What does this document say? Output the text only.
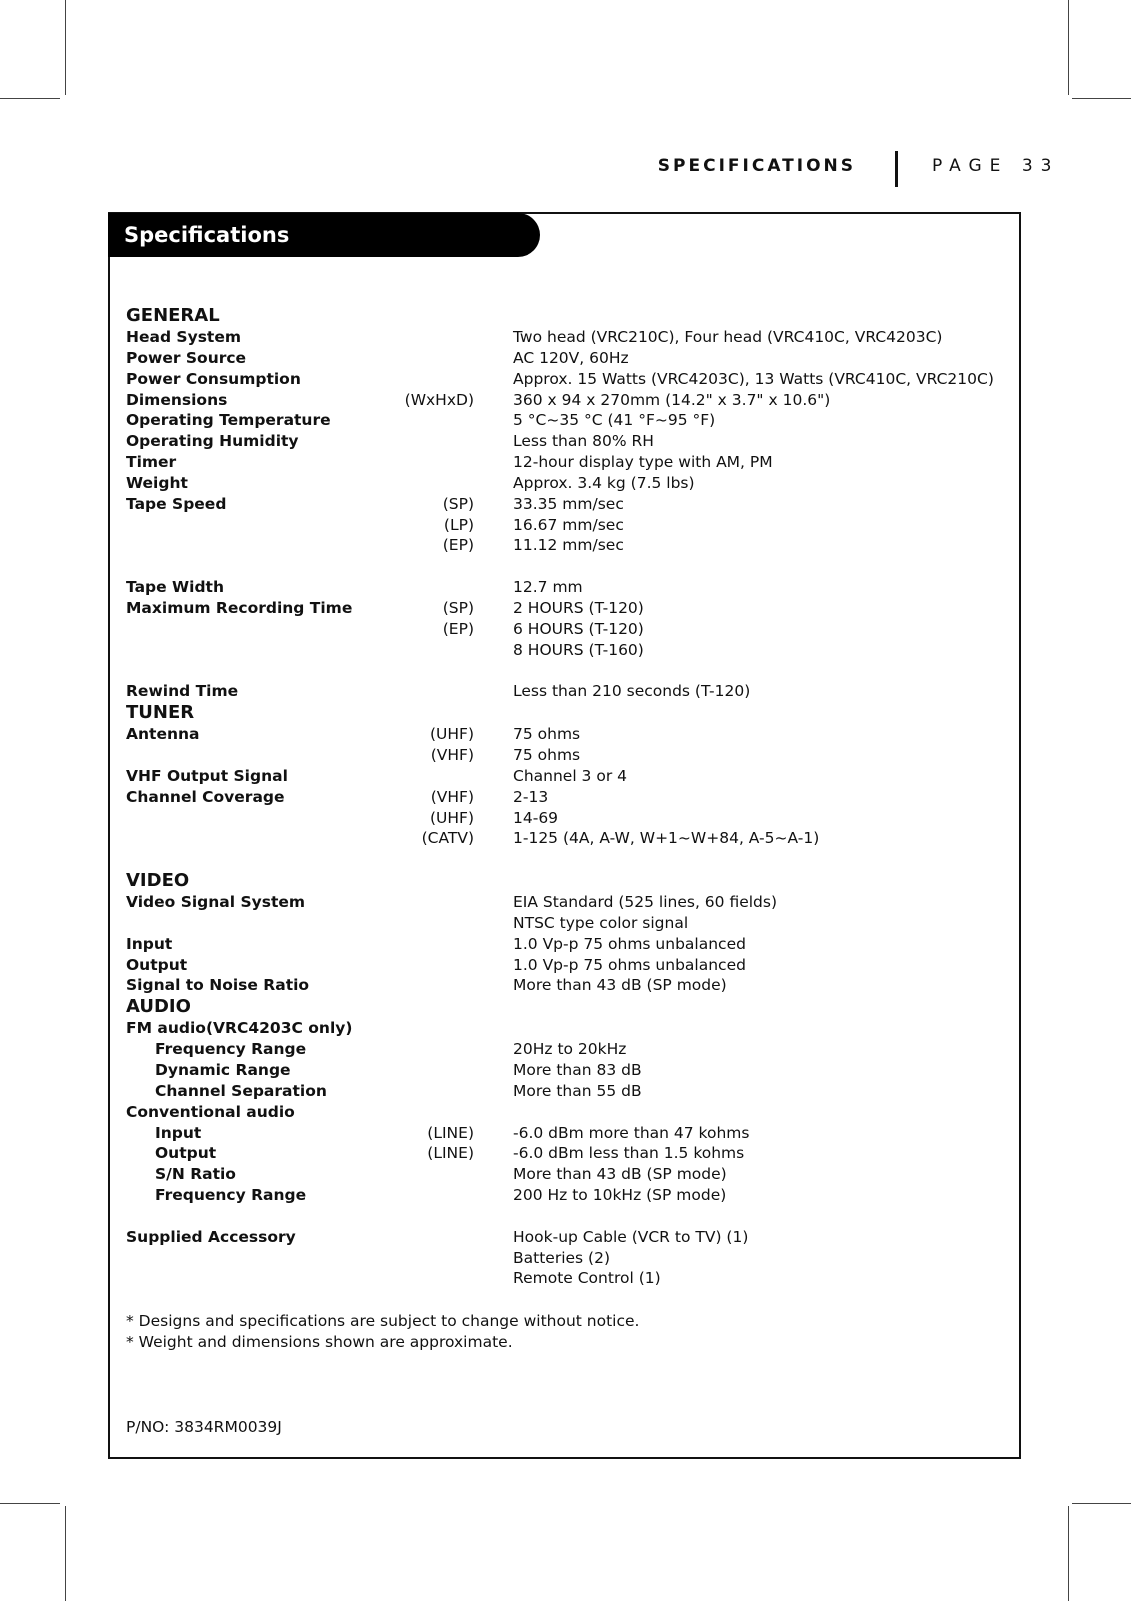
SPECIFICATIONS	PAGE 33
Specifications
GENERAL
Head System	Two head (VRC210C), Four head (VRC410C, VRC4203C)
Power Source	AC 120V, 60Hz
Power Consumption	Approx. 15 Watts (VRC4203C), 13 Watts (VRC410C, VRC210C)
Dimensions	(WxHxD)	360 x 94 x 270mm (14.2" x 3.7" x 10.6")
Operating Temperature	5 °C~35 °C (41 °F~95 °F)
Operating Humidity	Less than 80% RH
Timer	12-hour display type with AM, PM
Weight	Approx. 3.4 kg (7.5 lbs)
Tape Speed	(SP)	33.35 mm/sec
(LP)	16.67 mm/sec
(EP)	11.12 mm/sec
Tape Width	12.7 mm
Maximum Recording Time	(SP)	2 HOURS (T-120)
(EP)	6 HOURS (T-120)
8 HOURS (T-160)
Rewind Time	Less than 210 seconds (T-120)
TUNER
Antenna	(UHF)	75 ohms
(VHF)	75 ohms
VHF Output Signal	Channel 3 or 4
Channel Coverage	(VHF)	2-13
(UHF)	14-69
(CATV)	1-125 (4A, A-W, W+1~W+84, A-5~A-1)
VIDEO
Video Signal System	EIA Standard (525 lines, 60 fields)
NTSC type color signal
Input	1.0 Vp-p 75 ohms unbalanced
Output	1.0 Vp-p 75 ohms unbalanced
Signal to Noise Ratio	More than 43 dB (SP mode)
AUDIO
FM audio(VRC4203C only)
Frequency Range	20Hz to 20kHz
Dynamic Range	More than 83 dB
Channel Separation	More than 55 dB
Conventional audio
Input	(LINE)	-6.0 dBm more than 47 kohms
Output	(LINE)	-6.0 dBm less than 1.5 kohms
S/N Ratio	More than 43 dB (SP mode)
Frequency Range	200 Hz to 10kHz (SP mode)
Supplied Accessory	Hook-up Cable (VCR to TV) (1)
Batteries (2)
Remote Control (1)
* Designs and specifications are subject to change without notice.
* Weight and dimensions shown are approximate.
P/NO: 3834RM0039J
